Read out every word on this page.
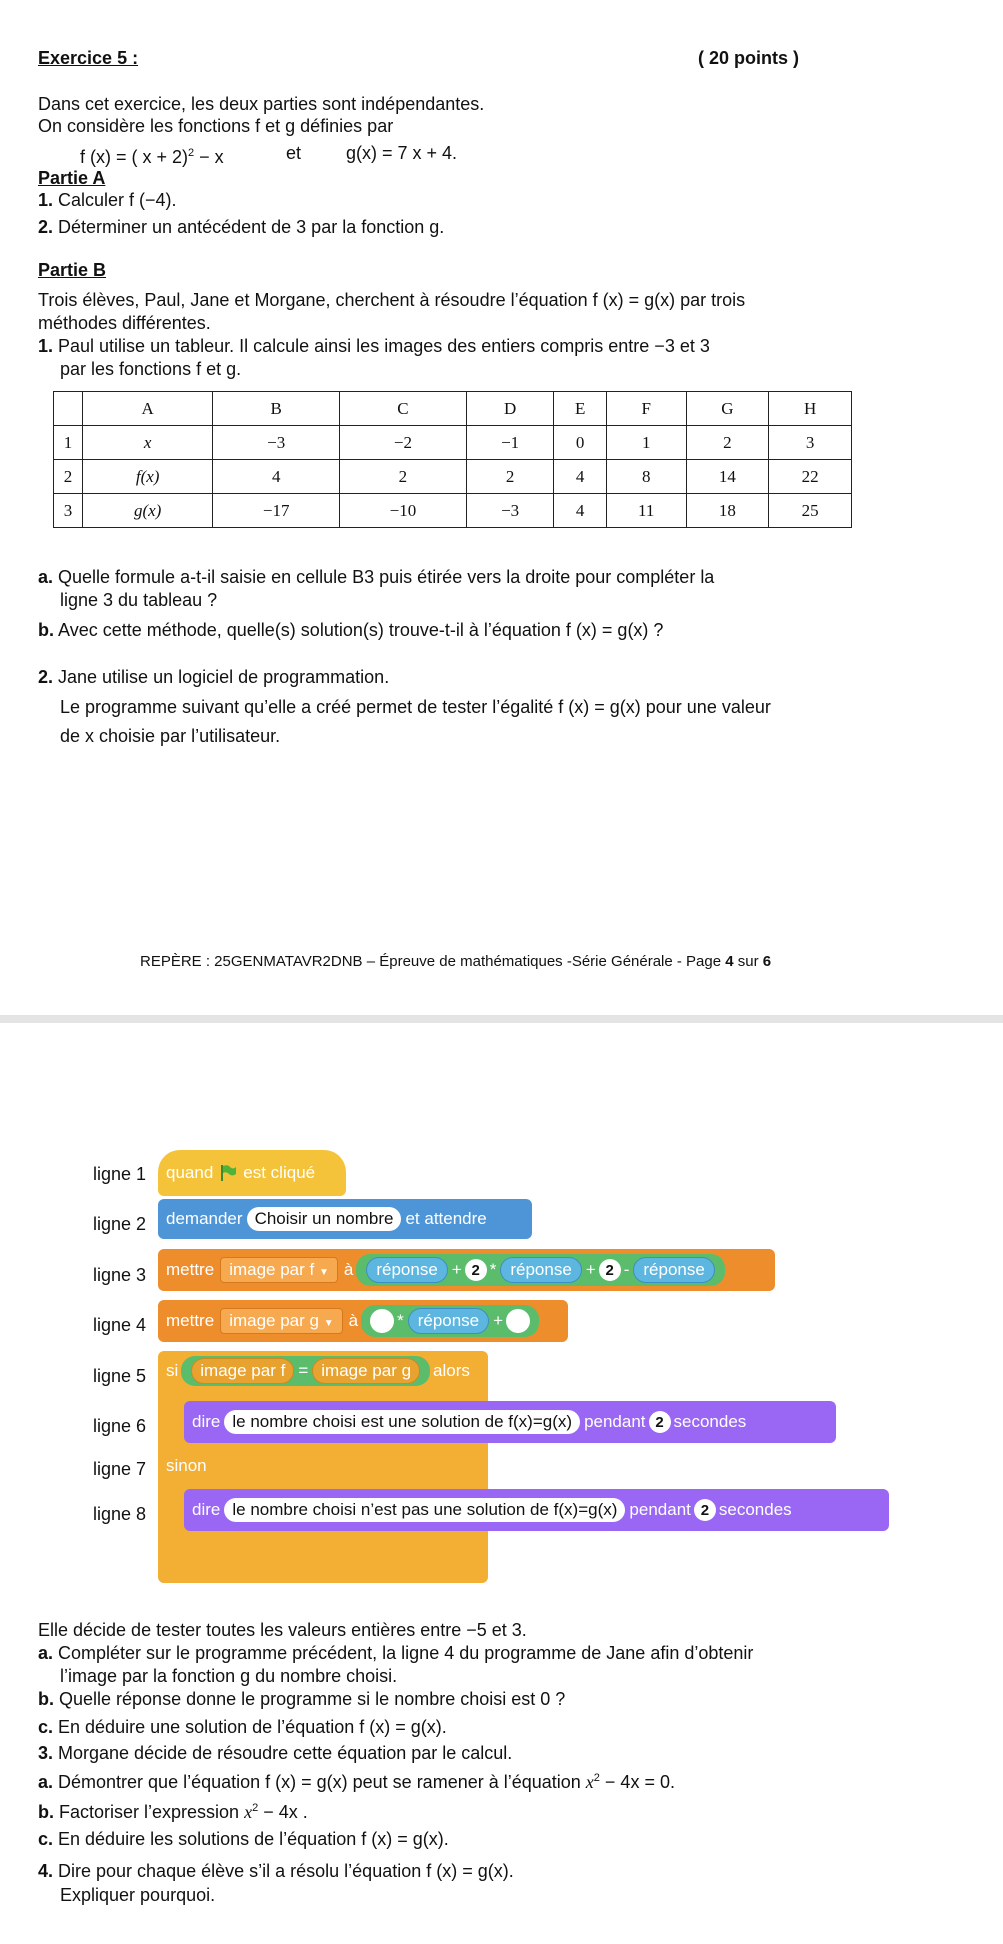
Exercice 5 :	( 20 points )
Dans cet exercice, les deux parties sont indépendantes.
On considère les fonctions f et g définies par
f (x) = ( x + 2)$^2$ − x	et g(x) = 7 x + 4.
Partie A
1. Calculer f (−4).
2. Déterminer un antécédent de 3 par la fonction g.
Partie B
Trois élèves, Paul, Jane et Morgane, cherchent à résoudre l’équation f (x) = g(x) par trois
méthodes différentes.
1. Paul utilise un tableur. Il calcule ainsi les images des entiers compris entre −3 et 3
par les fonctions f et g.
	A	B	C	D	E	F	G	H
1	x	−3	−2	−1	0	1	2	3
2	f(x)	4	2	2	4	8	14	22
3	g(x)	−17	−10	−3	4	11	18	25
a. Quelle formule a-t-il saisie en cellule B3 puis étirée vers la droite pour compléter la
ligne 3 du tableau ?
b. Avec cette méthode, quelle(s) solution(s) trouve-t-il à l’équation f (x) = g(x) ?
2. Jane utilise un logiciel de programmation.
Le programme suivant qu’elle a créé permet de tester l’égalité f (x) = g(x) pour une valeur
de x choisie par l’utilisateur.
REPÈRE : 25GENMATAVR2DNB – Épreuve de mathématiques -Série Générale - Page 4 sur 6
ligne 1 quand est cliqué
ligne 2 demander Choisir un nombre et attendre
ligne 3 mettre image par f ▼ à	réponse + 2 * réponse + 2 - réponse
ligne 4 mettre image par g ▼ à * réponse +
ligne 5 si	image par f = image par g	alors
ligne 6	dire le nombre choisi est une solution de f(x)=g(x) pendant 2 secondes
ligne 7 sinon
ligne 8	dire le nombre choisi n’est pas une solution de f(x)=g(x) pendant 2 secondes
Elle décide de tester toutes les valeurs entières entre −5 et 3.
a. Compléter sur le programme précédent, la ligne 4 du programme de Jane afin d’obtenir
l’image par la fonction g du nombre choisi.
b. Quelle réponse donne le programme si le nombre choisi est 0 ?
c. En déduire une solution de l’équation f (x) = g(x).
3. Morgane décide de résoudre cette équation par le calcul.
a. Démontrer que l’équation f (x) = g(x) peut se ramener à l’équation $x^2 - 4x = 0$.
b. Factoriser l’expression $x^2 - 4x$ .
c. En déduire les solutions de l’équation f (x) = g(x).
4. Dire pour chaque élève s’il a résolu l’équation f (x) = g(x).
Expliquer pourquoi.
